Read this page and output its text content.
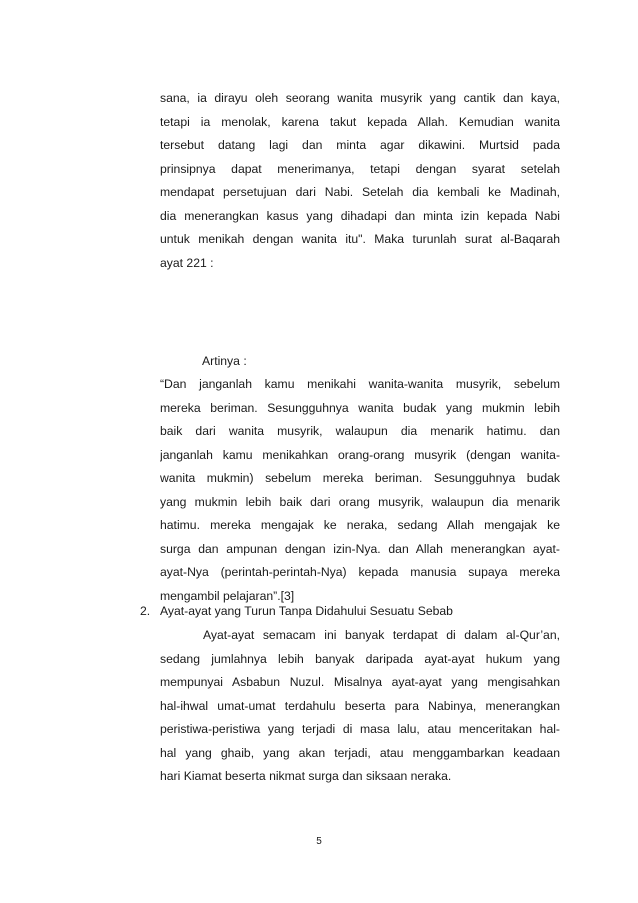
sana, ia dirayu oleh seorang wanita musyrik yang cantik dan kaya,
tetapi ia menolak, karena takut kepada Allah. Kemudian wanita
tersebut datang lagi dan minta agar dikawini. Murtsid pada
prinsipnya dapat menerimanya, tetapi dengan syarat setelah
mendapat persetujuan dari Nabi. Setelah dia kembali ke Madinah,
dia menerangkan kasus yang dihadapi dan minta izin kepada Nabi
untuk menikah dengan wanita itu". Maka turunlah surat al-Baqarah
ayat 221 :
Artinya :
“Dan janganlah kamu menikahi wanita-wanita musyrik, sebelum
mereka beriman. Sesungguhnya wanita budak yang mukmin lebih
baik dari wanita musyrik, walaupun dia menarik hatimu. dan
janganlah kamu menikahkan orang-orang musyrik (dengan wanita-
wanita mukmin) sebelum mereka beriman. Sesungguhnya budak
yang mukmin lebih baik dari orang musyrik, walaupun dia menarik
hatimu. mereka mengajak ke neraka, sedang Allah mengajak ke
surga dan ampunan dengan izin-Nya. dan Allah menerangkan ayat-
ayat-Nya (perintah-perintah-Nya) kepada manusia supaya mereka
mengambil pelajaran”.[3]
2. Ayat-ayat yang Turun Tanpa Didahului Sesuatu Sebab
Ayat-ayat semacam ini banyak terdapat di dalam al-Qur’an,
sedang jumlahnya lebih banyak daripada ayat-ayat hukum yang
mempunyai Asbabun Nuzul. Misalnya ayat-ayat yang mengisahkan
hal-ihwal umat-umat terdahulu beserta para Nabinya, menerangkan
peristiwa-peristiwa yang terjadi di masa lalu, atau menceritakan hal-
hal yang ghaib, yang akan terjadi, atau menggambarkan keadaan
hari Kiamat beserta nikmat surga dan siksaan neraka.
5
